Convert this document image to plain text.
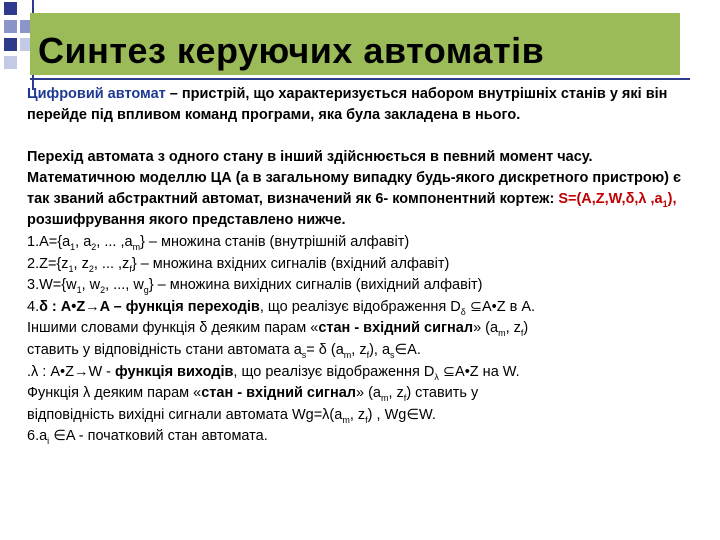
Синтез керуючих автоматів

Цифровий автомат – пристрій, що характеризується набором внутрішніх станів у які він перейде під впливом команд програми, яка була закладена в нього.

Перехід автомата з одного стану в інший здійснюється в певний момент часу. Математичною моделлю ЦА (а в загальному випадку будь-якого дискретного пристрою) є так званий абстрактний автомат, визначений як 6- компонентний кортеж: S=(A,Z,W,δ,λ $,a_1$), розшифрування якого представлено нижче.

$1.A=\{a_1$, $a_2$, ... $,a_m$} – множина станів (внутрішній алфавіт)
$2.Z=\{z_1$, $z_2$, ... $,z_f$} – множина вхідних сигналів (вхідний алфавіт)
$3.W=\{w_1$, $w_2$, ..., $w_g$} – множина вихідних сигналів (вихідний алфавіт)
4.δ : A•Z→A – функція переходів, що реалізує відображення $D_\delta$ ⊆A•Z в A.
Іншими словами функція δ деяким парам «стан - вхідний сигнал» ($a_m$, $z_f$)
ставить у відповідність стани автомата $a_s= \delta$ ($a_m$, $z_f$), $a_s\in A$.
.λ : A•Z→W - функція виходів, що реалізує відображення $D_\lambda$ ⊆A•Z на W.
Функція λ деяким парам «стан - вхідний сигнал» ($a_m$, $z_f$) ставить у
відповідність вихідні сигнали автомата $Wg=\lambda(a_m$, $z_f$) , Wg∈W.
$6.a_i$ ∈A - початковий стан автомата.
